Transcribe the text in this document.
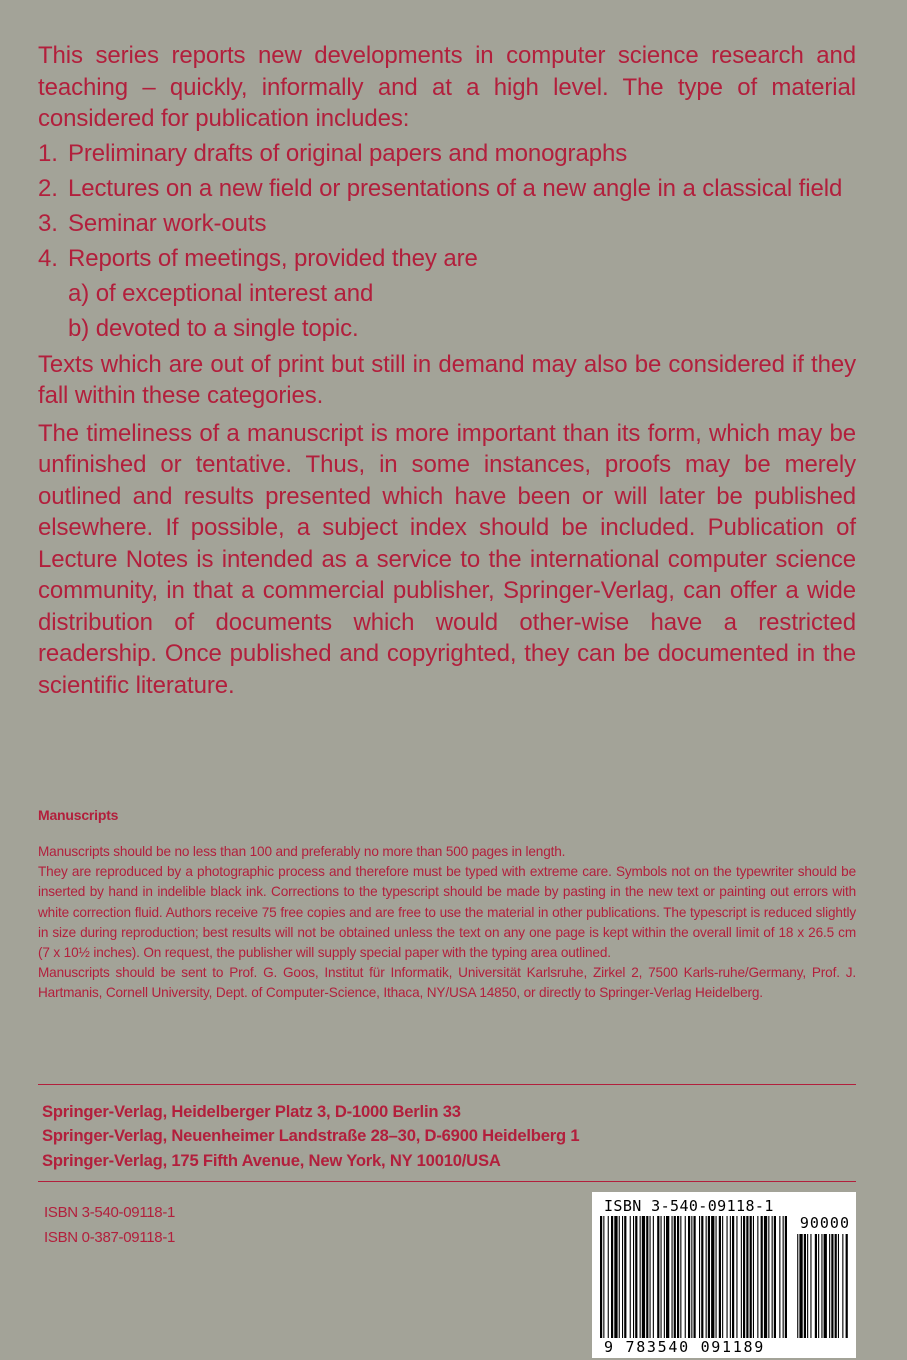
This series reports new developments in computer science research and teaching – quickly, informally and at a high level. The type of material considered for publication includes:

1. Preliminary drafts of original papers and monographs
2. Lectures on a new field or presentations of a new angle in a classical field
3. Seminar work-outs
4. Reports of meetings, provided they are
a) of exceptional interest and
b) devoted to a single topic.

Texts which are out of print but still in demand may also be considered if they fall within these categories.

The timeliness of a manuscript is more important than its form, which may be unfinished or tentative. Thus, in some instances, proofs may be merely outlined and results presented which have been or will later be published elsewhere. If possible, a subject index should be included. Publication of Lecture Notes is intended as a service to the international computer science community, in that a commercial publisher, Springer-Verlag, can offer a wide distribution of documents which would other-wise have a restricted readership. Once published and copyrighted, they can be documented in the scientific literature.

Manuscripts

Manuscripts should be no less than 100 and preferably no more than 500 pages in length.

They are reproduced by a photographic process and therefore must be typed with extreme care. Symbols not on the typewriter should be inserted by hand in indelible black ink. Corrections to the typescript should be made by pasting in the new text or painting out errors with white correction fluid. Authors receive 75 free copies and are free to use the material in other publications. The typescript is reduced slightly in size during reproduction; best results will not be obtained unless the text on any one page is kept within the overall limit of 18 x 26.5 cm (7 x 10½ inches). On request, the publisher will supply special paper with the typing area outlined.

Manuscripts should be sent to Prof. G. Goos, Institut für Informatik, Universität Karlsruhe, Zirkel 2, 7500 Karls-ruhe/Germany, Prof. J. Hartmanis, Cornell University, Dept. of Computer-Science, Ithaca, NY/USA 14850, or directly to Springer-Verlag Heidelberg.

Springer-Verlag, Heidelberger Platz 3, D-1000 Berlin 33
Springer-Verlag, Neuenheimer Landstraße 28–30, D-6900 Heidelberg 1
Springer-Verlag, 175 Fifth Avenue, New York, NY 10010/USA
ISBN 3-540-09118-1
ISBN 0-387-09118-1
ISBN 3-540-09118-1
90000
9 783540 091189
